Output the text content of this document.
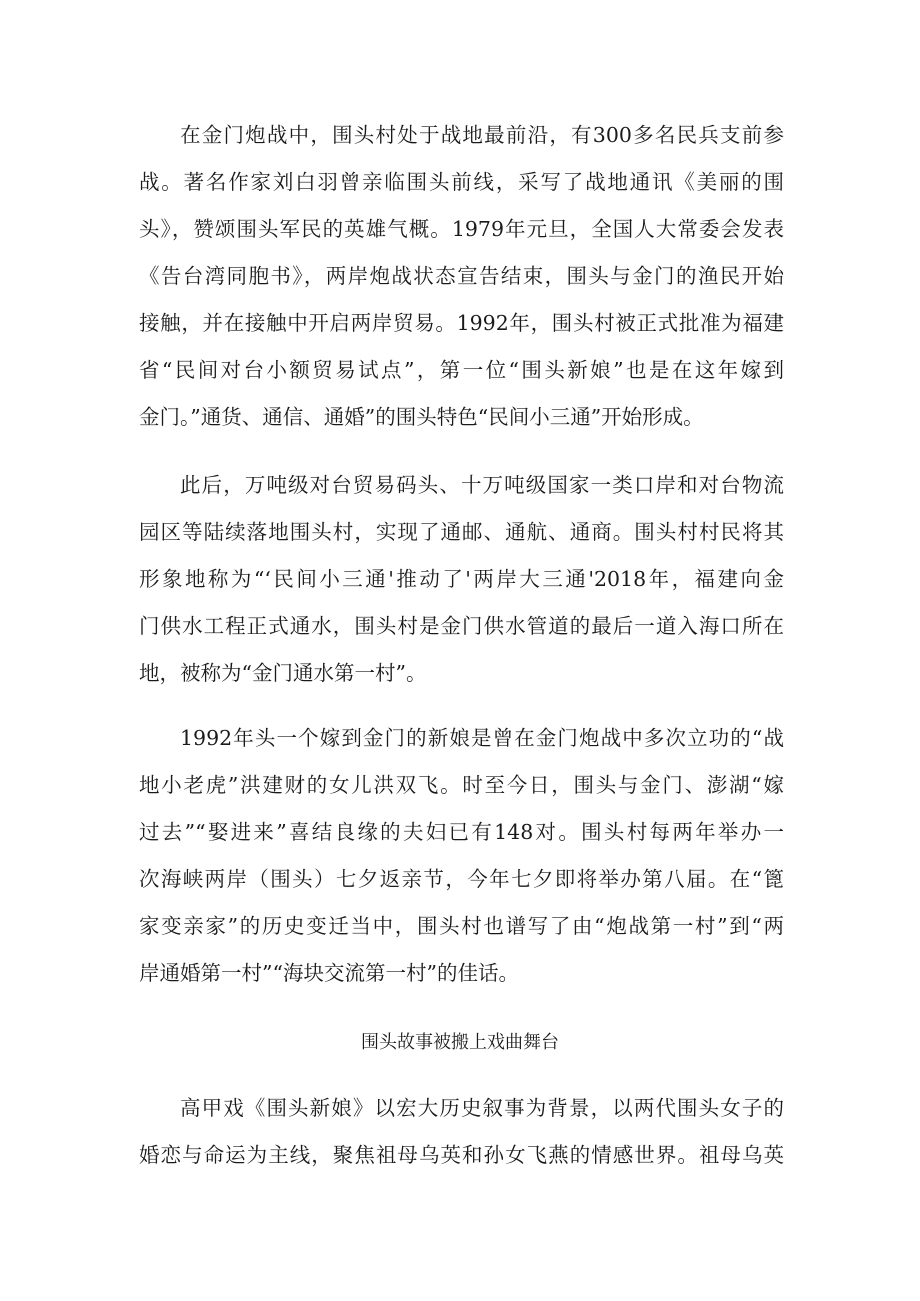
在金门炮战中，围头村处于战地最前沿，有300多名民兵支前参
战。著名作家刘白羽曾亲临围头前线，采写了战地通讯《美丽的围
头》，赞颂围头军民的英雄气概。1979年元旦，全国人大常委会发表
《告台湾同胞书》，两岸炮战状态宣告结束，围头与金门的渔民开始
接触，并在接触中开启两岸贸易。1992年，围头村被正式批准为福建
省“民间对台小额贸易试点”，第一位“围头新娘”也是在这年嫁到
金门。”通货、通信、通婚”的围头特色“民间小三通”开始形成。
此后，万吨级对台贸易码头、十万吨级国家一类口岸和对台物流
园区等陆续落地围头村，实现了通邮、通航、通商。围头村村民将其
形象地称为“‘民间小三通'推动了'两岸大三通'2018年，福建向金
门供水工程正式通水，围头村是金门供水管道的最后一道入海口所在
地，被称为“金门通水第一村”。
1992年头一个嫁到金门的新娘是曾在金门炮战中多次立功的“战
地小老虎”洪建财的女儿洪双飞。时至今日，围头与金门、澎湖“嫁
过去”“娶进来”喜结良缘的夫妇已有148对。围头村每两年举办一
次海峡两岸（围头）七夕返亲节，今年七夕即将举办第八届。在“篦
家变亲家”的历史变迁当中，围头村也谱写了由“炮战第一村”到“两
岸通婚第一村”“海块交流第一村”的佳话。

围头故事被搬上戏曲舞台

高甲戏《围头新娘》以宏大历史叙事为背景，以两代围头女子的
婚恋与命运为主线，聚焦祖母乌英和孙女飞燕的情感世界。祖母乌英
